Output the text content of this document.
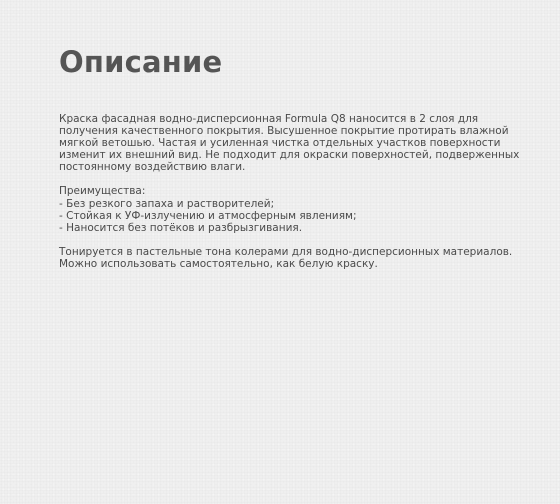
Описание

Краска фасадная водно-дисперсионная Formula Q8 наносится в 2 слоя для
получения качественного покрытия. Высушенное покрытие протирать влажной
мягкой ветошью. Частая и усиленная чистка отдельных участков поверхности
изменит их внешний вид. Не подходит для окраски поверхностей, подверженных
постоянному воздействию влаги.

Преимущества:
- Без резкого запаха и растворителей;
- Стойкая к УФ-излучению и атмосферным явлениям;
- Наносится без потёков и разбрызгивания.

Тонируется в пастельные тона колерами для водно-дисперсионных материалов.
Можно использовать самостоятельно, как белую краску.
